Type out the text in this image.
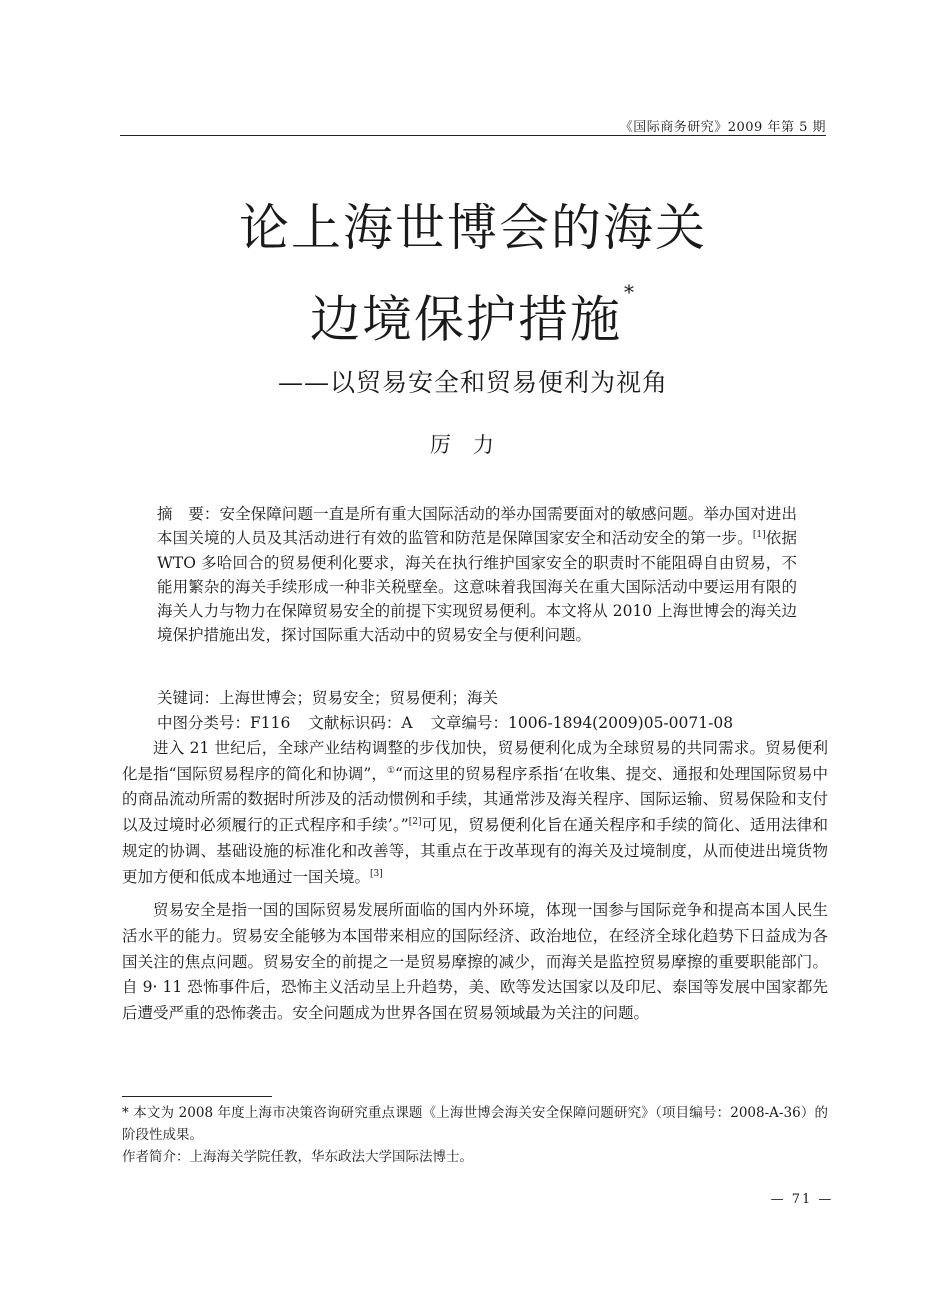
《国际商务研究》2009 年第 5 期
论上海世博会的海关
边境保护措施 *
——以贸易安全和贸易便利为视角
厉力
摘　要：安全保障问题一直是所有重大国际活动的举办国需要面对的敏感问题。举办国对进出本国关境的人员及其活动进行有效的监管和防范是保障国家安全和活动安全的第一步。[1]依据 WTO 多哈回合的贸易便利化要求，海关在执行维护国家安全的职责时不能阻碍自由贸易，不能用繁杂的海关手续形成一种非关税壁垒。这意味着我国海关在重大国际活动中要运用有限的海关人力与物力在保障贸易安全的前提下实现贸易便利。本文将从 2010 上海世博会的海关边境保护措施出发，探讨国际重大活动中的贸易安全与便利问题。
关键词：上海世博会；贸易安全；贸易便利；海关
中图分类号：F116 文献标识码：A 文章编号：1006-1894(2009)05-0071-08

进入 21 世纪后，全球产业结构调整的步伐加快，贸易便利化成为全球贸易的共同需求。贸易便利化是指“国际贸易程序的简化和协调”，①“而这里的贸易程序系指‘在收集、提交、通报和处理国际贸易中的商品流动所需的数据时所涉及的活动惯例和手续，其通常涉及海关程序、国际运输、贸易保险和支付以及过境时必须履行的正式程序和手续’。”[2]可见，贸易便利化旨在通关程序和手续的简化、适用法律和规定的协调、基础设施的标准化和改善等，其重点在于改革现有的海关及过境制度，从而使进出境货物更加方便和低成本地通过一国关境。[3]

贸易安全是指一国的国际贸易发展所面临的国内外环境，体现一国参与国际竞争和提高本国人民生活水平的能力。贸易安全能够为本国带来相应的国际经济、政治地位，在经济全球化趋势下日益成为各国关注的焦点问题。贸易安全的前提之一是贸易摩擦的减少，而海关是监控贸易摩擦的重要职能部门。自 9· 11 恐怖事件后，恐怖主义活动呈上升趋势，美、欧等发达国家以及印尼、泰国等发展中国家都先后遭受严重的恐怖袭击。安全问题成为世界各国在贸易领域最为关注的问题。

* 本文为 2008 年度上海市决策咨询研究重点课题《上海世博会海关安全保障问题研究》（项目编号：2008-A-36）的阶段性成果。

作者简介：上海海关学院任教，华东政法大学国际法博士。

— 71 —
